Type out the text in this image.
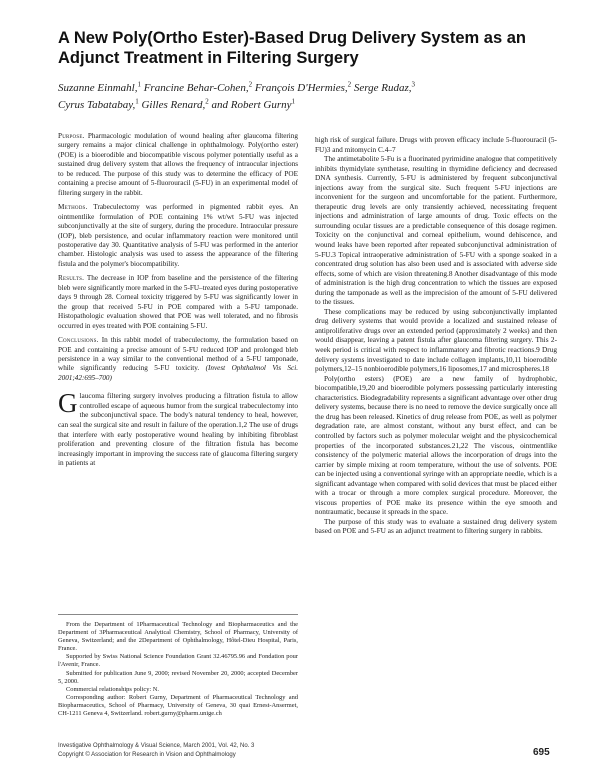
A New Poly(Ortho Ester)-Based Drug Delivery System as an Adjunct Treatment in Filtering Surgery
Suzanne Einmahl,$^1$ Francine Behar-Cohen,$^2$ François D'Hermies,$^2$ Serge Rudaz,$^3$
Cyrus Tabatabay,$^1$ Gilles Renard,$^2$ and Robert Gurny$^1$

Purpose. Pharmacologic modulation of wound healing after glaucoma filtering surgery remains a major clinical challenge in ophthalmology. Poly(ortho ester) (POE) is a bioerodible and biocompatible viscous polymer potentially useful as a sustained drug delivery system that allows the frequency of intraocular injections to be reduced. The purpose of this study was to determine the efficacy of POE containing a precise amount of 5-fluorouracil (5-FU) in an experimental model of filtering surgery in the rabbit.

Methods. Trabeculectomy was performed in pigmented rabbit eyes. An ointmentlike formulation of POE containing 1% wt/wt 5-FU was injected subconjunctivally at the site of surgery, during the procedure. Intraocular pressure (IOP), bleb persistence, and ocular inflammatory reaction were monitored until postoperative day 30. Quantitative analysis of 5-FU was performed in the anterior chamber. Histologic analysis was used to assess the appearance of the filtering fistula and the polymer's biocompatibility.

Results. The decrease in IOP from baseline and the persistence of the filtering bleb were significantly more marked in the 5-FU–treated eyes during postoperative days 9 through 28. Corneal toxicity triggered by 5-FU was significantly lower in the group that received 5-FU in POE compared with a 5-FU tamponade. Histopathologic evaluation showed that POE was well tolerated, and no fibrosis occurred in eyes treated with POE containing 5-FU.

Conclusions. In this rabbit model of trabeculectomy, the formulation based on POE and containing a precise amount of 5-FU reduced IOP and prolonged bleb persistence in a way similar to the conventional method of a 5-FU tamponade, while significantly reducing 5-FU toxicity. (Invest Ophthalmol Vis Sci. 2001;42:695–700)

Glaucoma filtering surgery involves producing a filtration fistula to allow controlled escape of aqueous humor from the surgical trabeculectomy into the subconjunctival space. The body's natural tendency to heal, however, can seal the surgical site and result in failure of the operation.1,2 The use of drugs that interfere with early postoperative wound healing by inhibiting fibroblast proliferation and preventing closure of the filtration fistula has become increasingly important in improving the success rate of glaucoma filtering surgery in patients at

From the Department of 1Pharmaceutical Technology and Biopharmaceutics and the Department of 3Pharmaceutical Analytical Chemistry, School of Pharmacy, University of Geneva, Switzerland; and the 2Department of Ophthalmology, Hôtel-Dieu Hospital, Paris, France.

Supported by Swiss National Science Foundation Grant 32.46795.96 and Fondation pour l'Avenir, France.

Submitted for publication June 9, 2000; revised November 20, 2000; accepted December 5, 2000.

Commercial relationships policy: N.

Corresponding author: Robert Gurny, Department of Pharmaceutical Technology and Biopharmaceutics, School of Pharmacy, University of Geneva, 30 quai Ernest-Ansermet, CH-1211 Geneva 4, Switzerland. robert.gurny@pharm.unige.ch

high risk of surgical failure. Drugs with proven efficacy include 5-fluorouracil (5-FU)3 and mitomycin C.4–7

The antimetabolite 5-Fu is a fluorinated pyrimidine analogue that competitively inhibits thymidylate synthetase, resulting in thymidine deficiency and decreased DNA synthesis. Currently, 5-FU is administered by frequent subconjunctival injections away from the surgical site. Such frequent 5-FU injections are inconvenient for the surgeon and uncomfortable for the patient. Furthermore, therapeutic drug levels are only transiently achieved, necessitating frequent injections and administration of large amounts of drug. Toxic effects on the surrounding ocular tissues are a predictable consequence of this dosage regimen. Toxicity on the conjunctival and corneal epithelium, wound dehiscence, and wound leaks have been reported after repeated subconjunctival administration of 5-FU.3 Topical intraoperative administration of 5-FU with a sponge soaked in a concentrated drug solution has also been used and is associated with adverse side effects, some of which are vision threatening.8 Another disadvantage of this mode of administration is the high drug concentration to which the tissues are exposed during the tamponade as well as the imprecision of the amount of 5-FU delivered to the tissues.

These complications may be reduced by using subconjunctivally implanted drug delivery systems that would provide a localized and sustained release of antiproliferative drugs over an extended period (approximately 2 weeks) and then would disappear, leaving a patent fistula after glaucoma filtering surgery. This 2-week period is critical with respect to inflammatory and fibrotic reactions.9 Drug delivery systems investigated to date include collagen implants,10,11 bioerodible polymers,12–15 nonbioerodible polymers,16 liposomes,17 and microspheres.18

Poly(ortho esters) (POE) are a new family of hydrophobic, biocompatible,19,20 and bioerodible polymers possessing particularly interesting characteristics. Biodegradability represents a significant advantage over other drug delivery systems, because there is no need to remove the device surgically once all the drug has been released. Kinetics of drug release from POE, as well as polymer degradation rate, are almost constant, without any burst effect, and can be controlled by factors such as polymer molecular weight and the physicochemical properties of the incorporated substances.21,22 The viscous, ointmentlike consistency of the polymeric material allows the incorporation of drugs into the carrier by simple mixing at room temperature, without the use of solvents. POE can be injected using a conventional syringe with an appropriate needle, which is a significant advantage when compared with solid devices that must be placed either with a trocar or through a more complex surgical procedure. Moreover, the viscous properties of POE make its presence within the eye smooth and nontraumatic, because it spreads in the space.

The purpose of this study was to evaluate a sustained drug delivery system based on POE and 5-FU as an adjunct treatment to filtering surgery in rabbits.

Investigative Ophthalmology & Visual Science, March 2001, Vol. 42, No. 3
Copyright © Association for Research in Vision and Ophthalmology	695
